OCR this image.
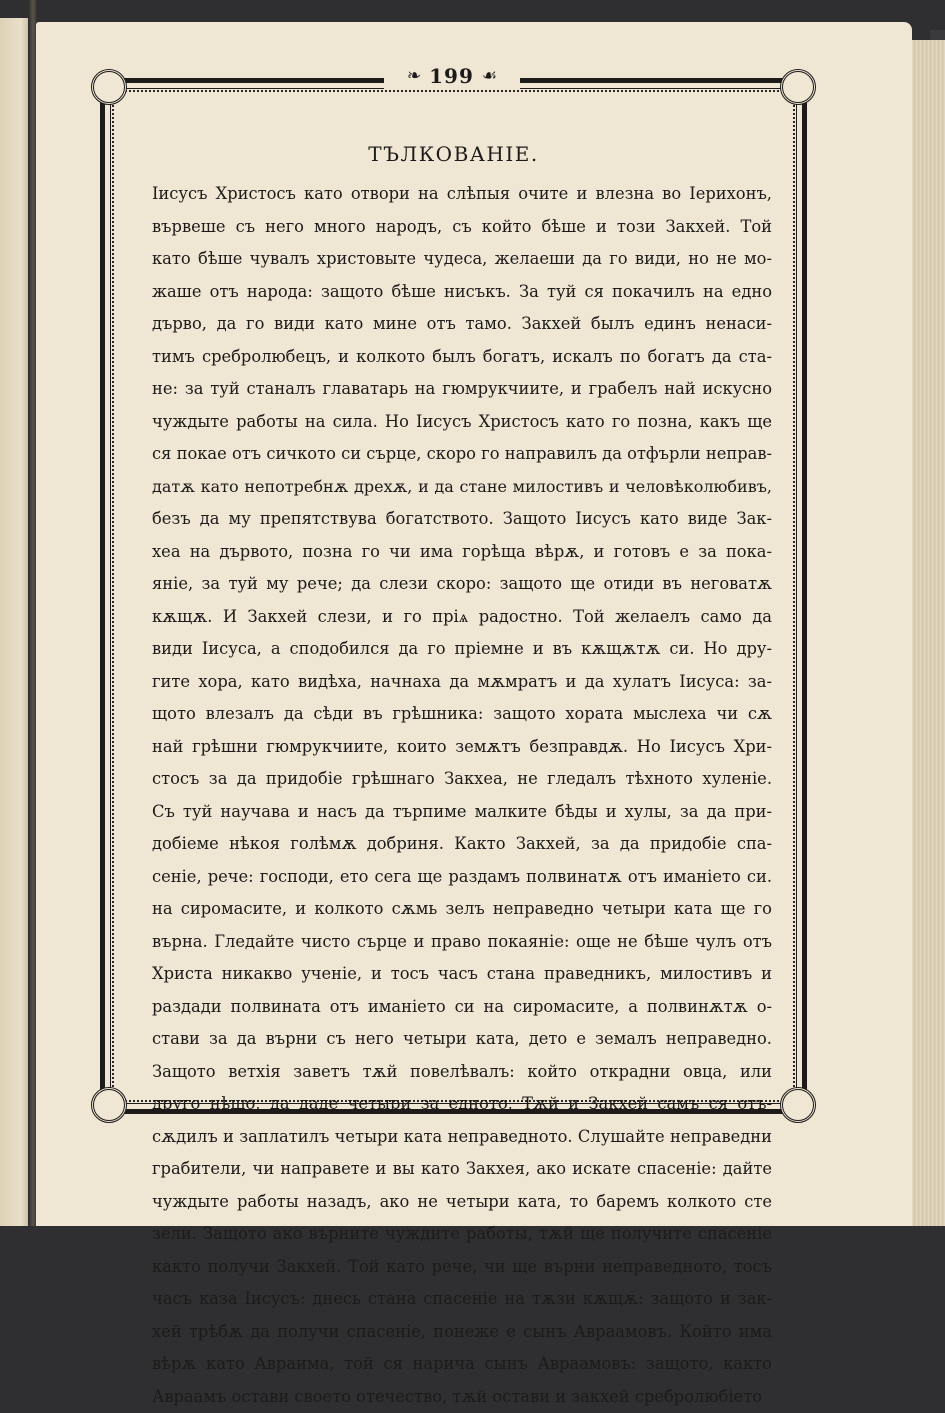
❧ 199 ☙
ТЪЛКОВАНІЕ.
Іисусъ Христосъ като отвори на слѣпыя очите и влезна во Іерихонъ,
вървеше съ него много народъ, съ който бѣше и този Закхей. Той
като бѣше чувалъ христовыте чудеса, желаеши да го види, но не мо-
жаше отъ народа: защото бѣше нисъкъ. За туй ся покачилъ на едно
дърво, да го види като мине отъ тамо. Закхей былъ единъ ненаси-
тимъ сребролюбецъ, и колкото былъ богатъ, искалъ по богатъ да ста-
не: за туй станалъ главатарь на гюмрукчиите, и грабелъ най искусно
чуждыте работы на сила. Но Іисусъ Христосъ като го позна, какъ ще
ся покае отъ сичкото си сърце, скоро го направилъ да отфърли неправ-
датѫ като непотребнѫ дрехѫ, и да стане милостивъ и человѣколюбивъ,
безъ да му препятствува богатството. Защото Іисусъ като виде Зак-
хеа на дървото, позна го чи има горѣща вѣрѫ, и готовъ е за пока-
яніе, за туй му рече; да слези скоро: защото ще отиди въ неговатѫ
кѫщѫ. И Закхей слези, и го пріѧ радостно. Той желаелъ само да
види Іисуса, а сподобился да го пріемне и въ кѫщѫтѫ си. Но дру-
гите хора, като видѣха, начнаха да мѫмратъ и да хулатъ Іисуса: за-
щото влезалъ да сѣди въ грѣшника: защото хората мыслеха чи сѫ
най грѣшни гюмрукчиите, които земѫтъ безправдѫ. Но Іисусъ Хри-
стосъ за да придобіе грѣшнаго Закхеа, не гледалъ тѣхното хуленіе.
Съ туй научава и насъ да търпиме малките бѣды и хулы, за да при-
добіеме нѣкоя голѣмѫ добриня. Както Закхей, за да придобіе спа-
сеніе, рече: господи, ето сега ще раздамъ полвинатѫ отъ иманіето си.
на сиромасите, и колкото сѫмь зелъ неправедно четыри ката ще го
върна. Гледайте чисто сърце и право покаяніе: още не бѣше чулъ отъ
Христа никакво ученіе, и тосъ часъ стана праведникъ, милостивъ и
раздади полвината отъ иманіето си на сиромасите, а полвинѫтѫ о-
стави за да върни съ него четыри ката, дето е земалъ неправедно.
Защото ветхія заветъ тѫй повелѣвалъ: който открадни овца, или
друго нѣщо, да даде четыри за едното, Тѫй и Закхей самъ ся отъ-
сѫдилъ и заплатилъ четыри ката неправедното. Слушайте неправедни
грабители, чи направете и вы като Закхея, ако искате спасеніе: дайте
чуждыте работы назадъ, ако не четыри ката, то баремъ колкото сте
зели. Защото ако върните чуждите работы, тѫй ще получите спасеніе
както получи Закхей. Той като рече, чи ще върни неправедното, тосъ
часъ каза Іисусъ: днесь стана спасеніе на тѫзи кѫщѫ: защото и зак-
хей трѣбѫ да получи спасеніе, понеже е сынъ Авраамовъ. Който има
вѣрѫ като Авраима, той ся нарича сынъ Авраамовъ: защото, както
Авраамъ остави своето отечество, тѫй остави и закхей сребролюбіето
